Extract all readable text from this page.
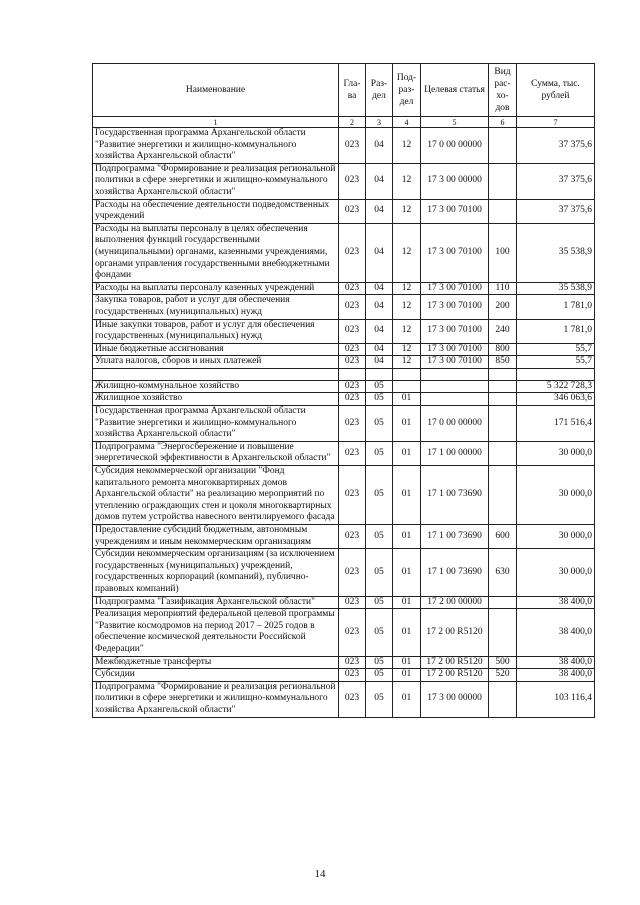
Наименование	Гла-ва	Раз-дел	Под-раз-дел	Целевая статья	Вид рас-хо-дов	Сумма, тыс. рублей
1	2	3	4	5	6	7
Государственная программа Архангельской области "Развитие энергетики и жилищно-коммунального хозяйства Архангельской области"	023	04	12	17 0 00 00000		37 375,6
Подпрограмма "Формирование и реализация региональной политики в сфере энергетики и жилищно-коммунального хозяйства Архангельской области"	023	04	12	17 3 00 00000		37 375,6
Расходы на обеспечение деятельности подведомственных учреждений	023	04	12	17 3 00 70100		37 375,6
Расходы на выплаты персоналу в целях обеспечения выполнения функций государственными (муниципальными) органами, казенными учреждениями, органами управления государственными внебюджетными фондами	023	04	12	17 3 00 70100	100	35 538,9
Расходы на выплаты персоналу казенных учреждений	023	04	12	17 3 00 70100	110	35 538,9
Закупка товаров, работ и услуг для обеспечения государственных (муниципальных) нужд	023	04	12	17 3 00 70100	200	1 781,0
Иные закупки товаров, работ и услуг для обеспечения государственных (муниципальных) нужд	023	04	12	17 3 00 70100	240	1 781,0
Иные бюджетные ассигнования	023	04	12	17 3 00 70100	800	55,7
Уплата налогов, сборов и иных платежей	023	04	12	17 3 00 70100	850	55,7

Жилищно-коммунальное хозяйство	023	05				5 322 728,3
Жилищное хозяйство	023	05	01			346 063,6
Государственная программа Архангельской области "Развитие энергетики и жилищно-коммунального хозяйства Архангельской области"	023	05	01	17 0 00 00000		171 516,4
Подпрограмма "Энергосбережение и повышение энергетической эффективности в Архангельской области"	023	05	01	17 1 00 00000		30 000,0
Субсидия некоммерческой организации "Фонд капитального ремонта многоквартирных домов Архангельской области" на реализацию мероприятий по утеплению ограждающих стен и цоколя многоквартирных домов путем устройства навесного вентилируемого фасада	023	05	01	17 1 00 73690		30 000,0
Предоставление субсидий бюджетным, автономным учреждениям и иным некоммерческим организациям	023	05	01	17 1 00 73690	600	30 000,0
Субсидии некоммерческим организациям (за исключением государственных (муниципальных) учреждений, государственных корпораций (компаний), публично-правовых компаний)	023	05	01	17 1 00 73690	630	30 000,0
Подпрограмма "Газификация Архангельской области"	023	05	01	17 2 00 00000		38 400,0
Реализация мероприятий федеральной целевой программы "Развитие космодромов на период 2017 – 2025 годов в обеспечение космической деятельности Российской Федерации"	023	05	01	17 2 00 R5120		38 400,0
Межбюджетные трансферты	023	05	01	17 2 00 R5120	500	38 400,0
Субсидии	023	05	01	17 2 00 R5120	520	38 400,0
Подпрограмма "Формирование и реализация региональной политики в сфере энергетики и жилищно-коммунального хозяйства Архангельской области"	023	05	01	17 3 00 00000		103 116,4
14
